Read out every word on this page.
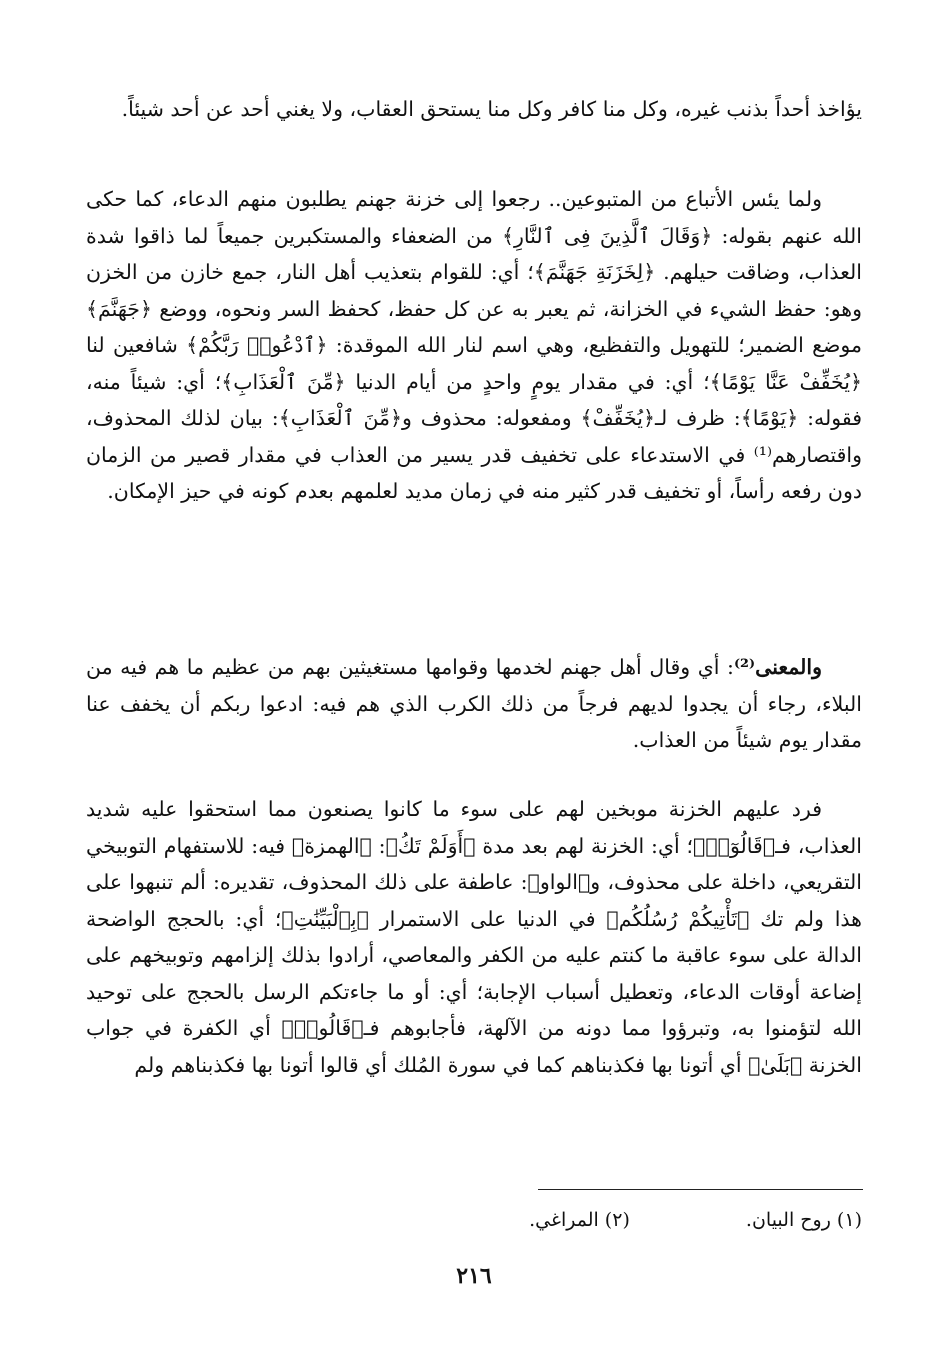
يؤاخذ أحداً بذنب غيره، وكل منا كافر وكل منا يستحق العقاب، ولا يغني أحد عن أحد شيئاً.

ولما يئس الأتباع من المتبوعين.. رجعوا إلى خزنة جهنم يطلبون منهم الدعاء، كما حكى الله عنهم بقوله: ﴿وَقَالَ ٱلَّذِينَ فِى ٱلنَّارِ﴾ من الضعفاء والمستكبرين جميعاً لما ذاقوا شدة العذاب، وضاقت حيلهم. ﴿لِخَزَنَةِ جَهَنَّمَ﴾؛ أي: للقوام بتعذيب أهل النار، جمع خازن من الخزن وهو: حفظ الشيء في الخزانة، ثم يعبر به عن كل حفظ، كحفظ السر ونحوه، ووضع ﴿جَهَنَّمَ﴾ موضع الضمير؛ للتهويل والتفظيع، وهي اسم لنار الله الموقدة: ﴿ٱدْعُوا۟ رَبَّكُمْ﴾ شافعين لنا ﴿يُخَفِّفْ عَنَّا يَوْمًا﴾؛ أي: في مقدار يومٍ واحدٍ من أيام الدنيا ﴿مِّنَ ٱلْعَذَابِ﴾؛ أي: شيئاً منه، فقوله: ﴿يَوْمًا﴾: ظرف لـ﴿يُخَفِّفْ﴾ ومفعوله: محذوف و﴿مِّنَ ٱلْعَذَابِ﴾: بيان لذلك المحذوف، واقتصارهم⁽¹⁾ في الاستدعاء على تخفيف قدر يسير من العذاب في مقدار قصير من الزمان دون رفعه رأساً، أو تخفيف قدر كثير منه في زمان مديد لعلمهم بعدم كونه في حيز الإمكان.

والمعنى⁽²⁾: أي وقال أهل جهنم لخدمها وقوامها مستغيثين بهم من عظيم ما هم فيه من البلاء، رجاء أن يجدوا لديهم فرجاً من ذلك الكرب الذي هم فيه: ادعوا ربكم أن يخفف عنا مقدار يوم شيئاً من العذاب.

فرد عليهم الخزنة موبخين لهم على سوء ما كانوا يصنعون مما استحقوا عليه شديد العذاب، فـ﴿قَالُوٓا۟﴾؛ أي: الخزنة لهم بعد مدة ﴿أَوَلَمْ تَكُ﴾: ﴿الهمزة﴾ فيه: للاستفهام التوبيخي التقريعي، داخلة على محذوف، و﴿الواو﴾: عاطفة على ذلك المحذوف، تقديره: ألم تنبهوا على هذا ولم تك ﴿تَأْتِيكُمْ رُسُلُكُم﴾ في الدنيا على الاستمرار ﴿بِٱلْبَيِّنَٰتِ﴾؛ أي: بالحجج الواضحة الدالة على سوء عاقبة ما كنتم عليه من الكفر والمعاصي، أرادوا بذلك إلزامهم وتوبيخهم على إضاعة أوقات الدعاء، وتعطيل أسباب الإجابة؛ أي: أو ما جاءتكم الرسل بالحجج على توحيد الله لتؤمنوا به، وتبرؤوا مما دونه من الآلهة، فأجابوهم فـ﴿قَالُوا۟﴾ أي الكفرة في جواب الخزنة ﴿بَلَىٰ﴾ أي أتونا بها فكذبناهم كما في سورة المُلك أي قالوا أتونا بها فكذبناهم ولم

(١) روح البيان. (٢) المراغي.
٢١٦
